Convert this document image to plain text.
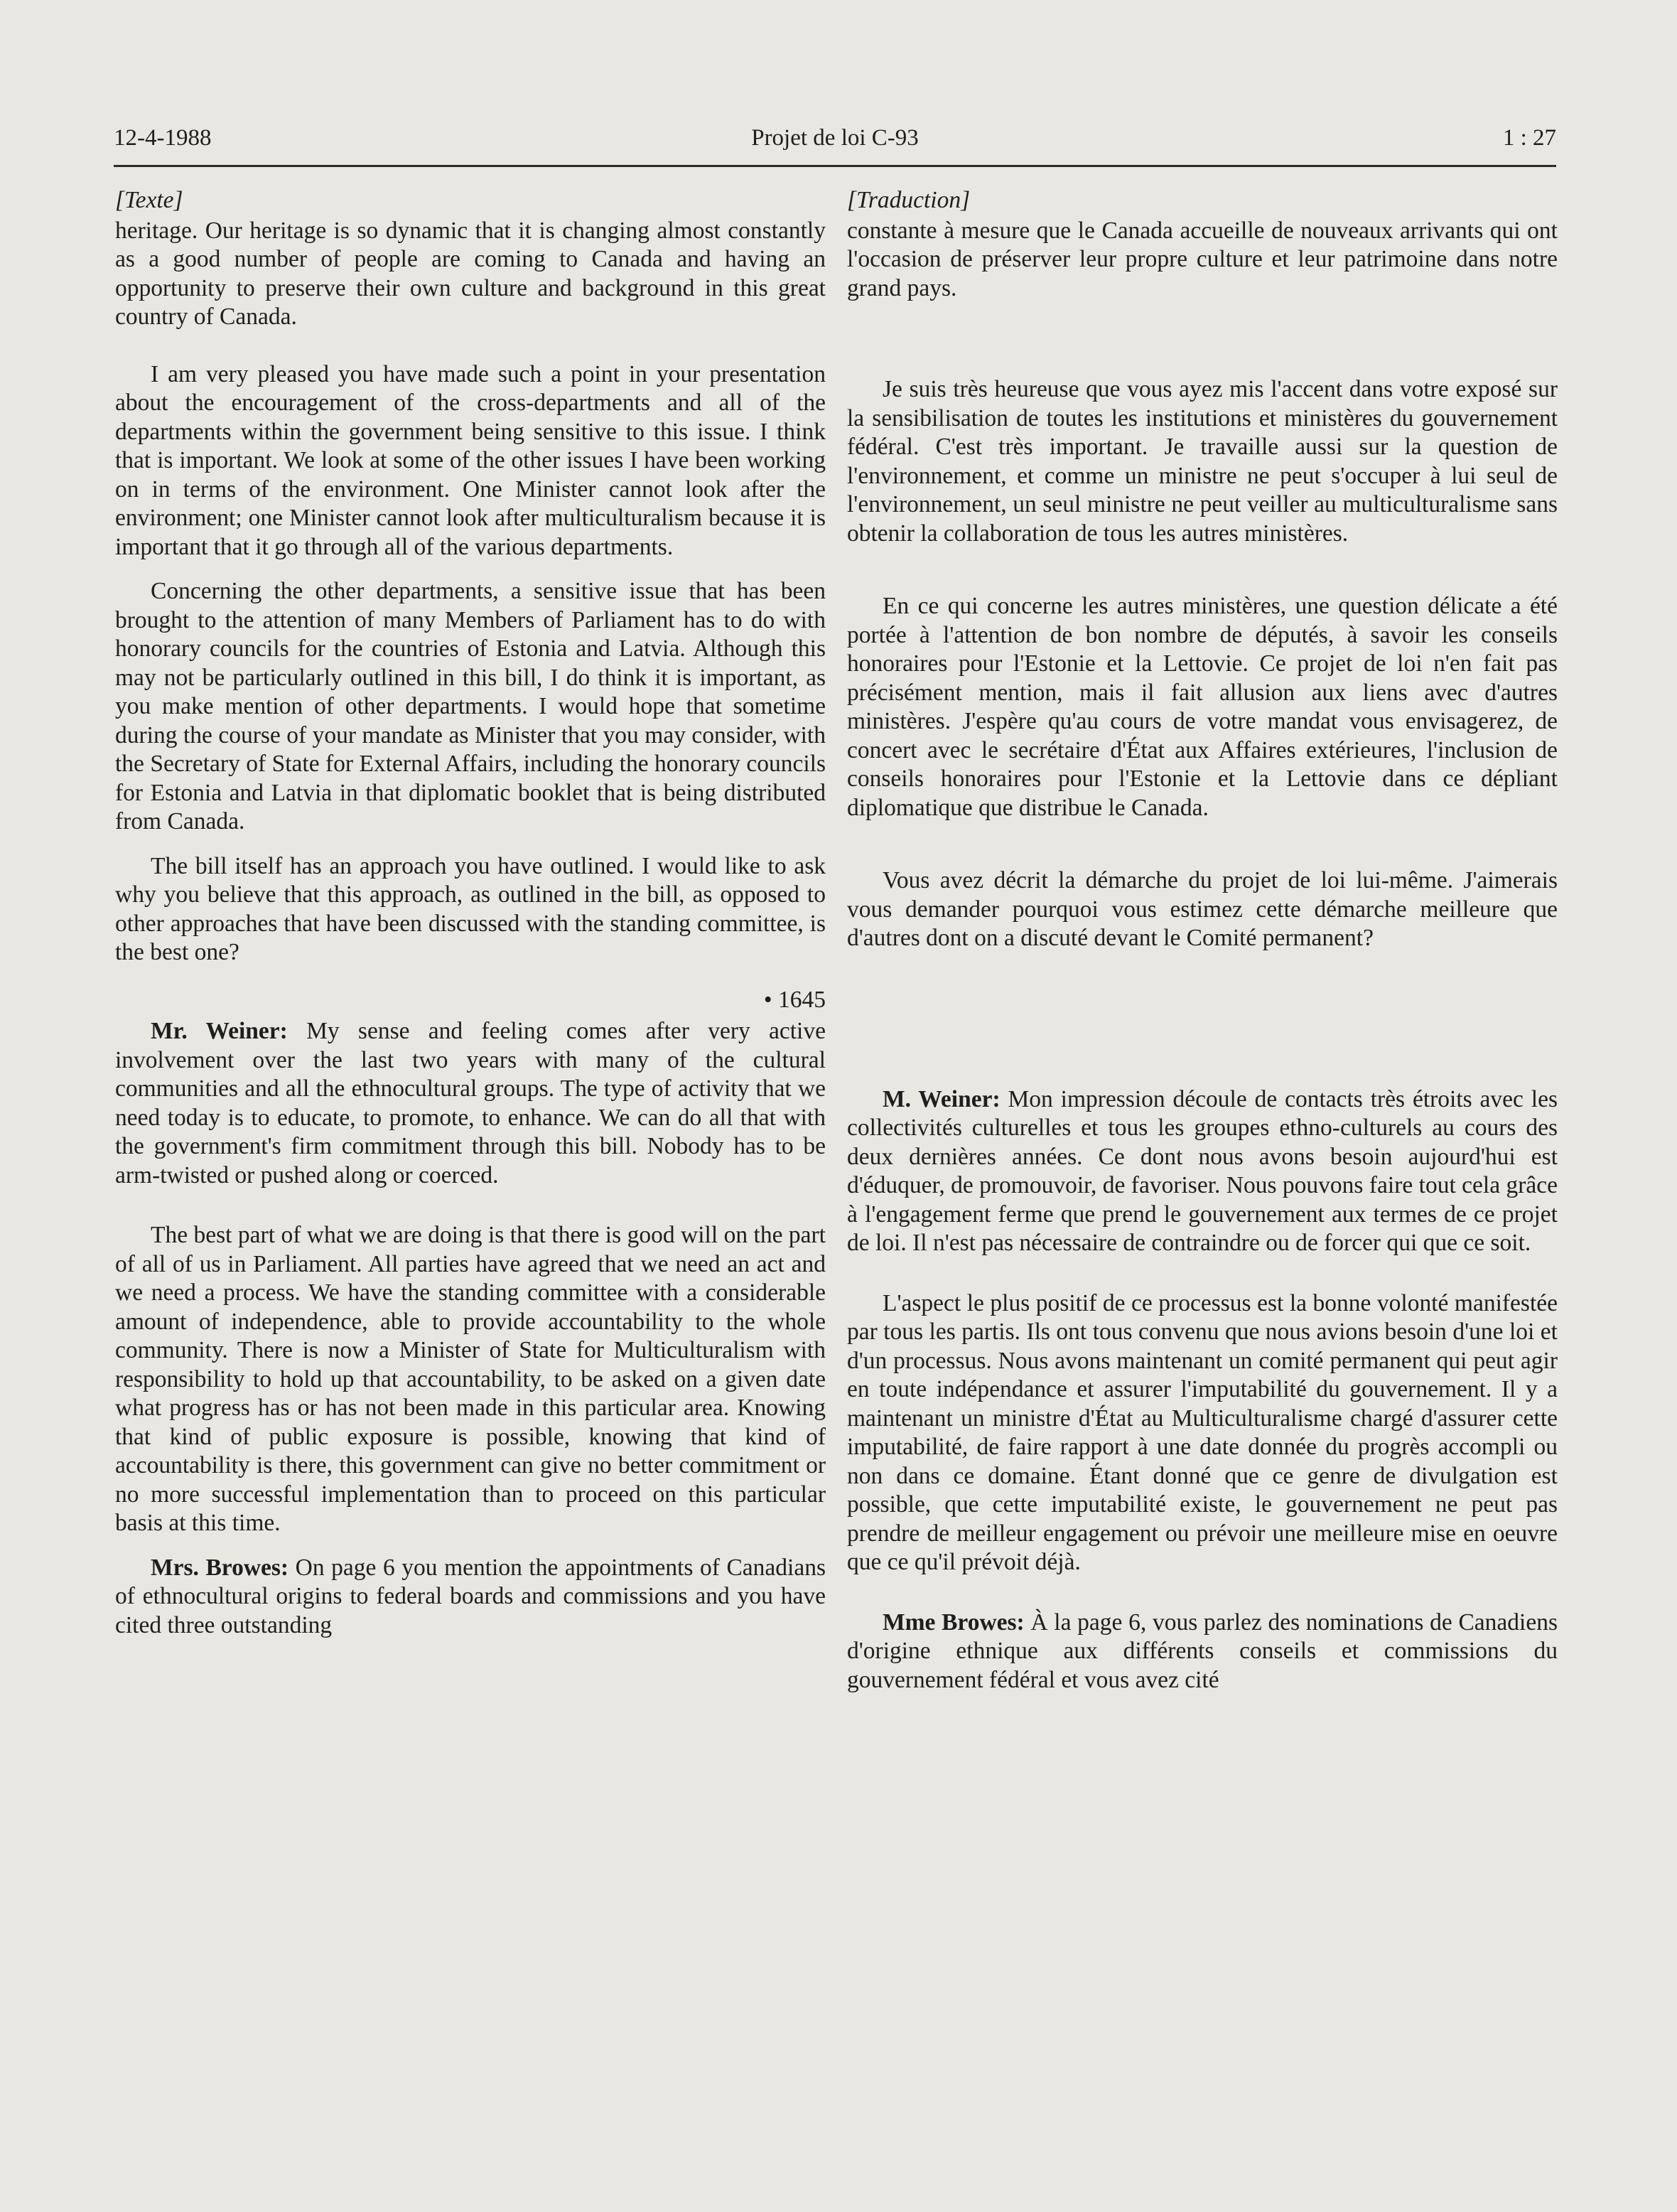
12-4-1988	Projet de loi C-93	1 : 27
[Texte]

heritage. Our heritage is so dynamic that it is changing almost constantly as a good number of people are coming to Canada and having an opportunity to preserve their own culture and background in this great country of Canada.

I am very pleased you have made such a point in your presentation about the encouragement of the cross-departments and all of the departments within the government being sensitive to this issue. I think that is important. We look at some of the other issues I have been working on in terms of the environment. One Minister cannot look after the environment; one Minister cannot look after multiculturalism because it is important that it go through all of the various departments.

Concerning the other departments, a sensitive issue that has been brought to the attention of many Members of Parliament has to do with honorary councils for the countries of Estonia and Latvia. Although this may not be particularly outlined in this bill, I do think it is important, as you make mention of other departments. I would hope that sometime during the course of your mandate as Minister that you may consider, with the Secretary of State for External Affairs, including the honorary councils for Estonia and Latvia in that diplomatic booklet that is being distributed from Canada.

The bill itself has an approach you have outlined. I would like to ask why you believe that this approach, as outlined in the bill, as opposed to other approaches that have been discussed with the standing committee, is the best one?

• 1645

Mr. Weiner: My sense and feeling comes after very active involvement over the last two years with many of the cultural communities and all the ethnocultural groups. The type of activity that we need today is to educate, to promote, to enhance. We can do all that with the government's firm commitment through this bill. Nobody has to be arm-twisted or pushed along or coerced.

The best part of what we are doing is that there is good will on the part of all of us in Parliament. All parties have agreed that we need an act and we need a process. We have the standing committee with a considerable amount of independence, able to provide accountability to the whole community. There is now a Minister of State for Multiculturalism with responsibility to hold up that accountability, to be asked on a given date what progress has or has not been made in this particular area. Knowing that kind of public exposure is possible, knowing that kind of accountability is there, this government can give no better commitment or no more successful implementation than to proceed on this particular basis at this time.

Mrs. Browes: On page 6 you mention the appointments of Canadians of ethnocultural origins to federal boards and commissions and you have cited three outstanding

[Traduction]

constante à mesure que le Canada accueille de nouveaux arrivants qui ont l'occasion de préserver leur propre culture et leur patrimoine dans notre grand pays.

Je suis très heureuse que vous ayez mis l'accent dans votre exposé sur la sensibilisation de toutes les institutions et ministères du gouvernement fédéral. C'est très important. Je travaille aussi sur la question de l'environnement, et comme un ministre ne peut s'occuper à lui seul de l'environnement, un seul ministre ne peut veiller au multiculturalisme sans obtenir la collaboration de tous les autres ministères.

En ce qui concerne les autres ministères, une question délicate a été portée à l'attention de bon nombre de députés, à savoir les conseils honoraires pour l'Estonie et la Lettovie. Ce projet de loi n'en fait pas précisément mention, mais il fait allusion aux liens avec d'autres ministères. J'espère qu'au cours de votre mandat vous envisagerez, de concert avec le secrétaire d'État aux Affaires extérieures, l'inclusion de conseils honoraires pour l'Estonie et la Lettovie dans ce dépliant diplomatique que distribue le Canada.

Vous avez décrit la démarche du projet de loi lui-même. J'aimerais vous demander pourquoi vous estimez cette démarche meilleure que d'autres dont on a discuté devant le Comité permanent?

M. Weiner: Mon impression découle de contacts très étroits avec les collectivités culturelles et tous les groupes ethno-culturels au cours des deux dernières années. Ce dont nous avons besoin aujourd'hui est d'éduquer, de promouvoir, de favoriser. Nous pouvons faire tout cela grâce à l'engagement ferme que prend le gouvernement aux termes de ce projet de loi. Il n'est pas nécessaire de contraindre ou de forcer qui que ce soit.

L'aspect le plus positif de ce processus est la bonne volonté manifestée par tous les partis. Ils ont tous convenu que nous avions besoin d'une loi et d'un processus. Nous avons maintenant un comité permanent qui peut agir en toute indépendance et assurer l'imputabilité du gouvernement. Il y a maintenant un ministre d'État au Multiculturalisme chargé d'assurer cette imputabilité, de faire rapport à une date donnée du progrès accompli ou non dans ce domaine. Étant donné que ce genre de divulgation est possible, que cette imputabilité existe, le gouvernement ne peut pas prendre de meilleur engagement ou prévoir une meilleure mise en oeuvre que ce qu'il prévoit déjà.

Mme Browes: À la page 6, vous parlez des nominations de Canadiens d'origine ethnique aux différents conseils et commissions du gouvernement fédéral et vous avez cité
